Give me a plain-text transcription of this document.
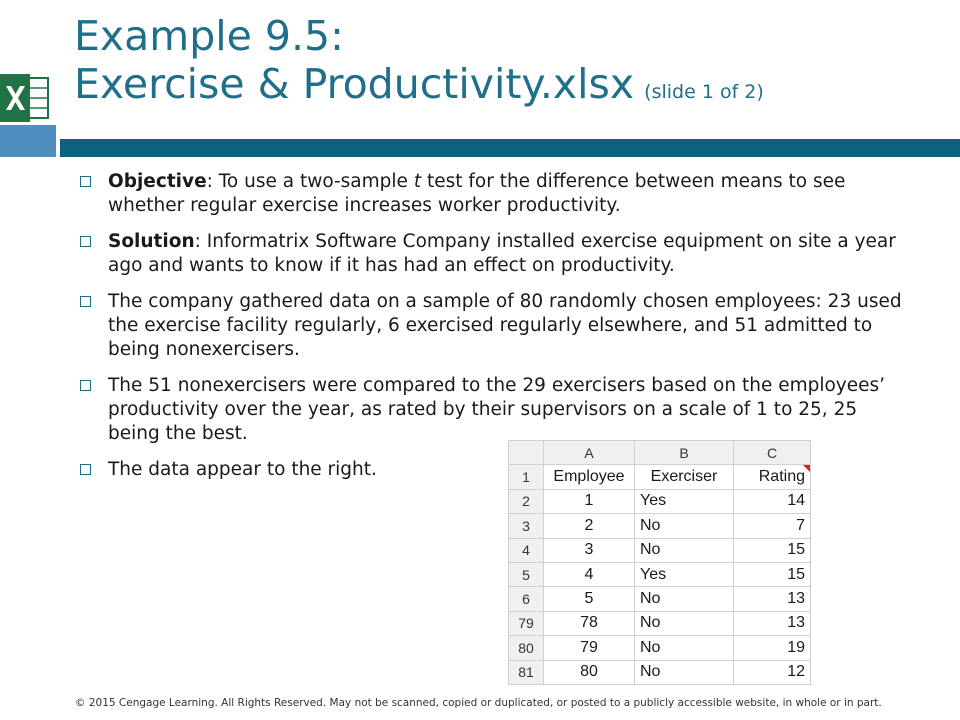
Example 9.5:
Exercise & Productivity.xlsx (slide 1 of 2)
Objective: To use a two-sample t test for the difference between means to see whether regular exercise increases worker productivity.
Solution: Informatrix Software Company installed exercise equipment on site a year ago and wants to know if it has had an effect on productivity.
The company gathered data on a sample of 80 randomly chosen employees: 23 used the exercise facility regularly, 6 exercised regularly elsewhere, and 51 admitted to being nonexercisers.
The 51 nonexercisers were compared to the 29 exercisers based on the employees’ productivity over the year, as rated by their supervisors on a scale of 1 to 25, 25 being the best.
The data appear to the right.
	A	B	C
1	Employee	Exerciser	Rating

2	1	Yes	14
3	2	No	7
4	3	No	15
5	4	Yes	15
6	5	No	13
79	78	No	13
80	79	No	19
81	80	No	12
© 2015 Cengage Learning. All Rights Reserved. May not be scanned, copied or duplicated, or posted to a publicly accessible website, in whole or in part.
